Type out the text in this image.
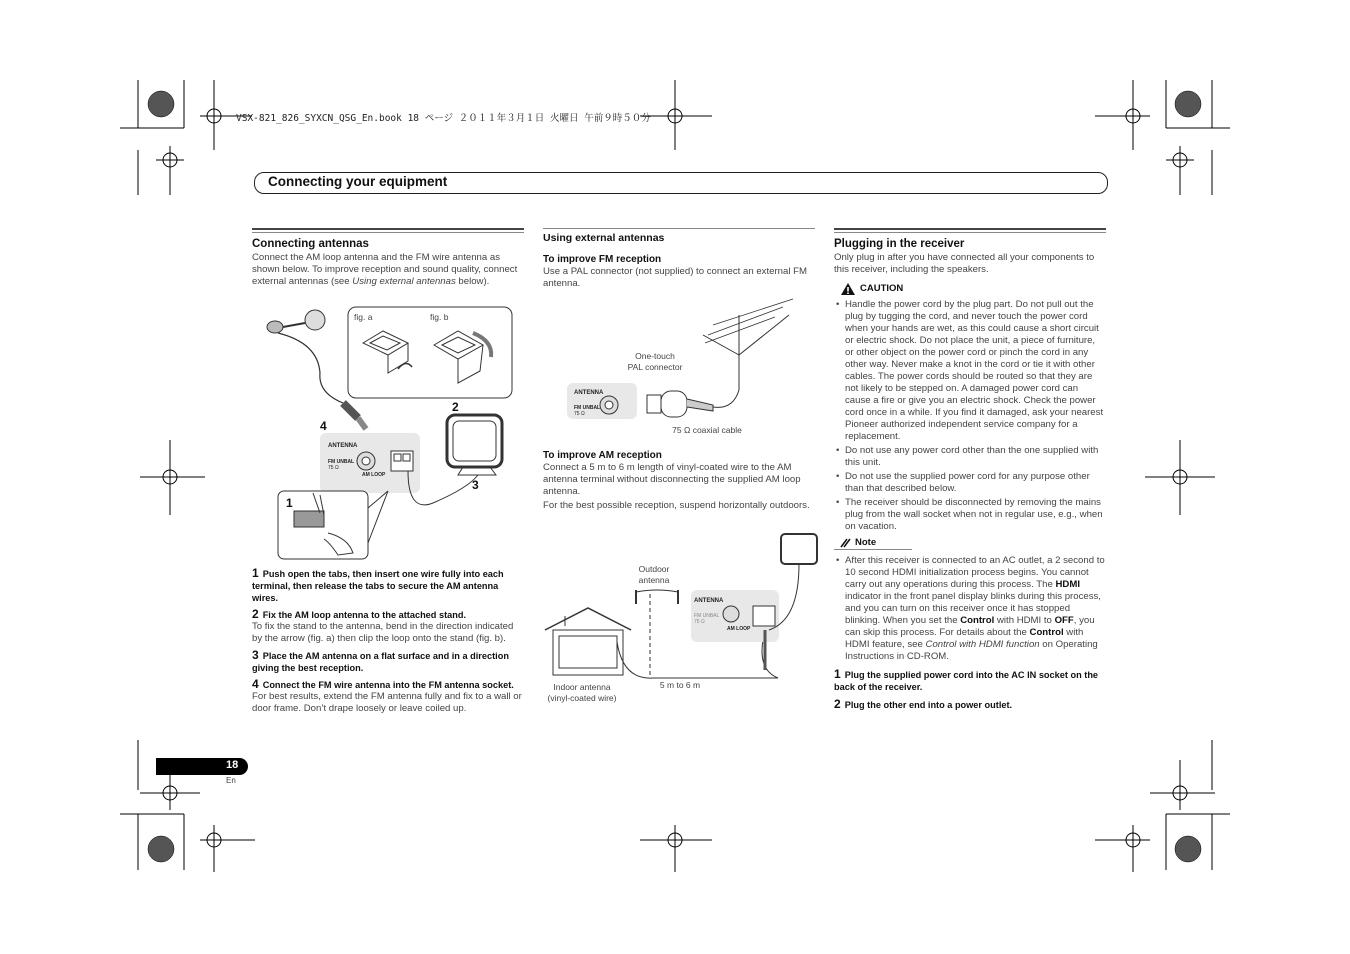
VSX-821_826_SYXCN_QSG_En.book 18 ページ ２０１１年３月１日 火曜日 午前９時５０分
Connecting your equipment
Connecting antennas

Connect the AM loop antenna and the FM wire antenna as shown below. To improve reception and sound quality, connect external antennas (see Using external antennas below).

2
3
4
1
fig. a	fig. b
ANTENNA
FM UNBAL
75 Ω
AM LOOP
1 Push open the tabs, then insert one wire fully into each terminal, then release the tabs to secure the AM antenna wires.
2 Fix the AM loop antenna to the attached stand.

To fix the stand to the antenna, bend in the direction indicated by the arrow (fig. a) then clip the loop onto the stand (fig. b).

3 Place the AM antenna on a flat surface and in a direction giving the best reception.
4 Connect the FM wire antenna into the FM antenna socket.

For best results, extend the FM antenna fully and fix to a wall or door frame. Don’t drape loosely or leave coiled up.

Using external antennas
To improve FM reception

Use a PAL connector (not supplied) to connect an external FM antenna.

One-touch
PAL connector
75 Ω coaxial cable
ANTENNA
FM UNBAL
75 Ω
To improve AM reception

Connect a 5 m to 6 m length of vinyl-coated wire to the AM antenna terminal without disconnecting the supplied AM loop antenna.

For the best possible reception, suspend horizontally outdoors.

Outdoor
antenna
Indoor antenna
(vinyl-coated wire)
5 m to 6 m
ANTENNA
FM UNBAL
75 Ω
AM LOOP
Plugging in the receiver

Only plug in after you have connected all your components to this receiver, including the speakers.

CAUTION
• Handle the power cord by the plug part. Do not pull out the plug by tugging the cord, and never touch the power cord when your hands are wet, as this could cause a short circuit or electric shock. Do not place the unit, a piece of furniture, or other object on the power cord or pinch the cord in any other way. Never make a knot in the cord or tie it with other cables. The power cords should be routed so that they are not likely to be stepped on. A damaged power cord can cause a fire or give you an electric shock. Check the power cord once in a while. If you find it damaged, ask your nearest Pioneer authorized independent service company for a replacement.
• Do not use any power cord other than the one supplied with this unit.
• Do not use the supplied power cord for any purpose other than that described below.
• The receiver should be disconnected by removing the mains plug from the wall socket when not in regular use, e.g., when on vacation.
Note
• After this receiver is connected to an AC outlet, a 2 second to 10 second HDMI initialization process begins. You cannot carry out any operations during this process. The HDMI indicator in the front panel display blinks during this process, and you can turn on this receiver once it has stopped blinking. When you set the Control with HDMI to OFF, you can skip this process. For details about the Control with HDMI feature, see Control with HDMI function on Operating Instructions in CD-ROM.
1 Plug the supplied power cord into the AC IN socket on the back of the receiver.
2 Plug the other end into a power outlet.
18
En
